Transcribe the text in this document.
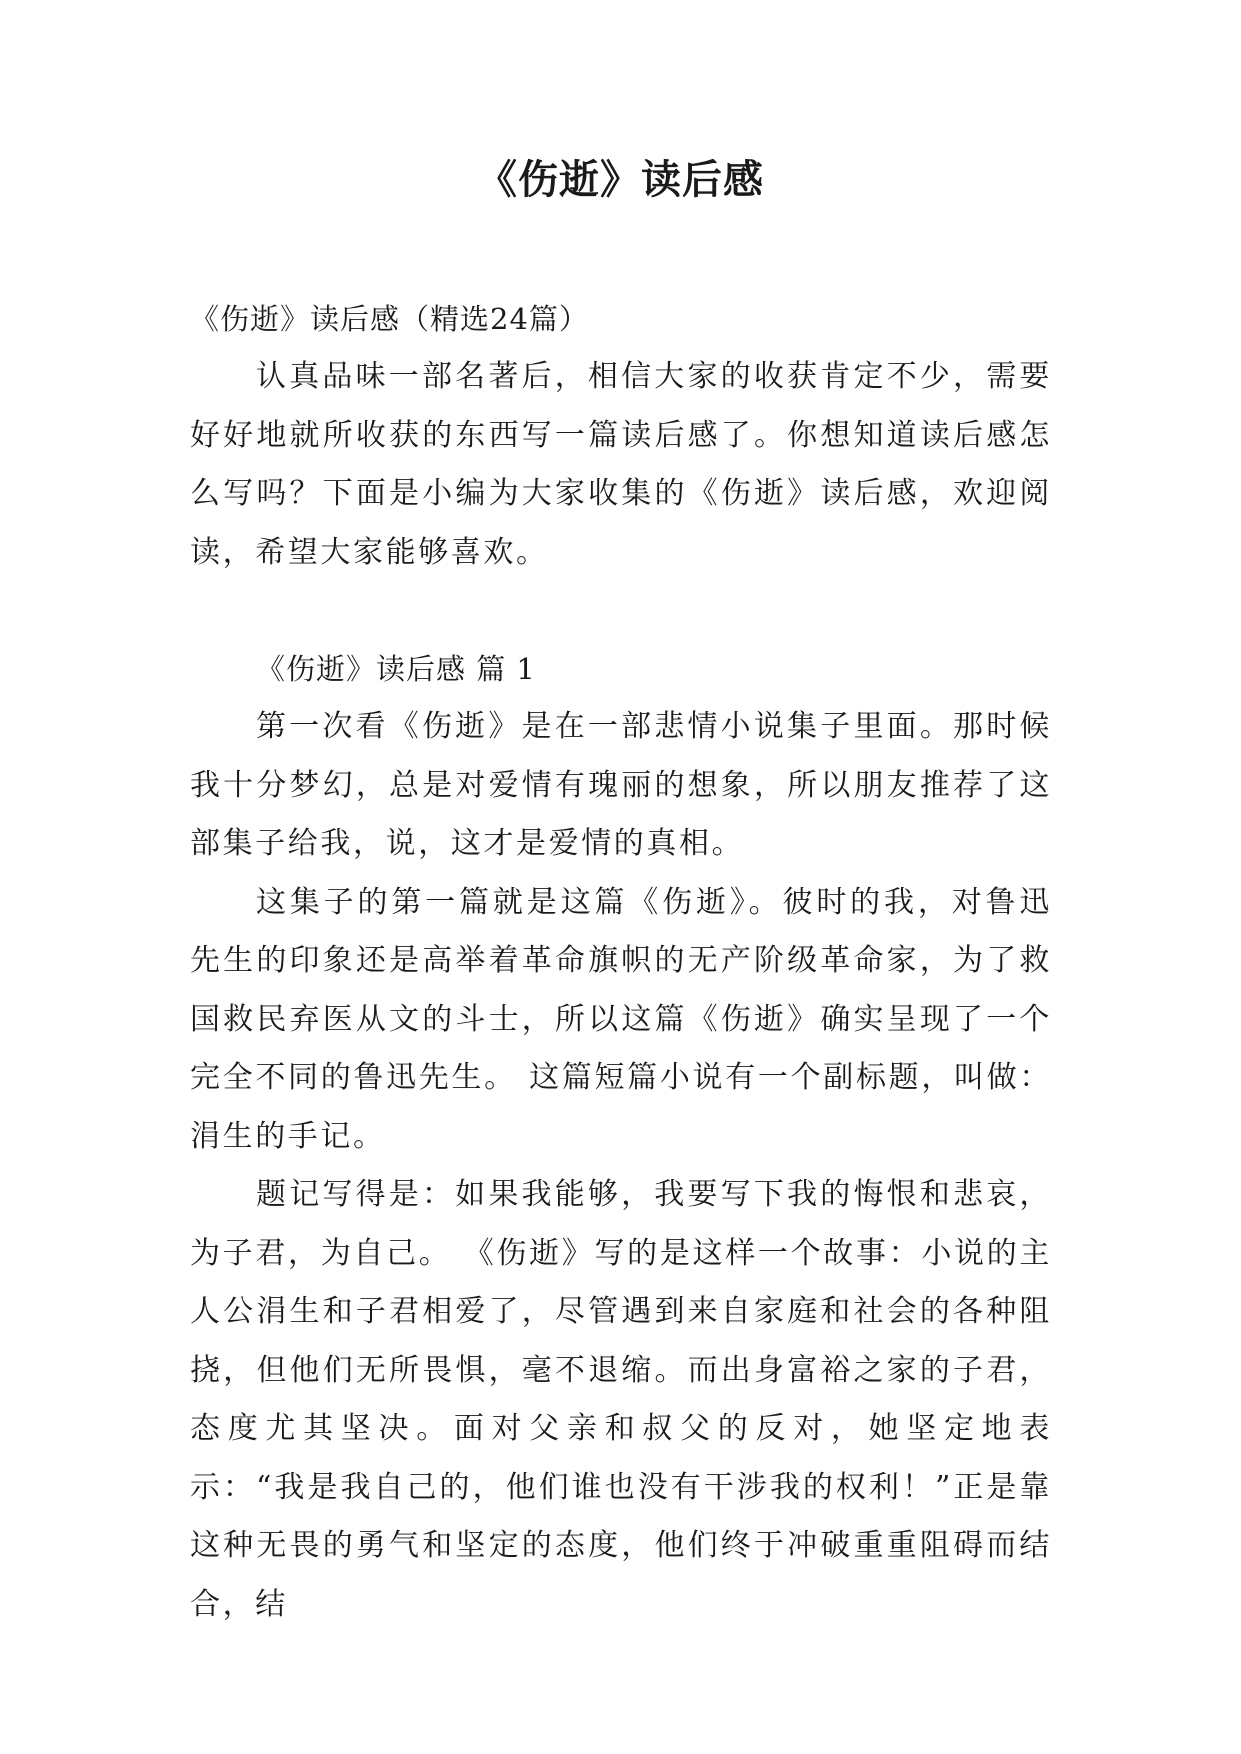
《伤逝》读后感

《伤逝》读后感（精选24篇）

认真品味一部名著后，相信大家的收获肯定不少，需要好好地就所收获的东西写一篇读后感了。你想知道读后感怎么写吗？下面是小编为大家收集的《伤逝》读后感，欢迎阅读，希望大家能够喜欢。

《伤逝》读后感 篇 1

第一次看《伤逝》是在一部悲情小说集子里面。那时候我十分梦幻，总是对爱情有瑰丽的想象，所以朋友推荐了这部集子给我，说，这才是爱情的真相。

这集子的第一篇就是这篇《伤逝》。彼时的我，对鲁迅先生的印象还是高举着革命旗帜的无产阶级革命家，为了救国救民弃医从文的斗士，所以这篇《伤逝》确实呈现了一个完全不同的鲁迅先生。 这篇短篇小说有一个副标题，叫做：涓生的手记。

题记写得是：如果我能够，我要写下我的悔恨和悲哀，为子君，为自己。 《伤逝》写的是这样一个故事：小说的主人公涓生和子君相爱了，尽管遇到来自家庭和社会的各种阻挠，但他们无所畏惧，毫不退缩。而出身富裕之家的子君，态度尤其坚决。面对父亲和叔父的反对，她坚定地表示：“我是我自己的，他们谁也没有干涉我的权利！”正是靠这种无畏的勇气和坚定的态度，他们终于冲破重重阻碍而结合，结
